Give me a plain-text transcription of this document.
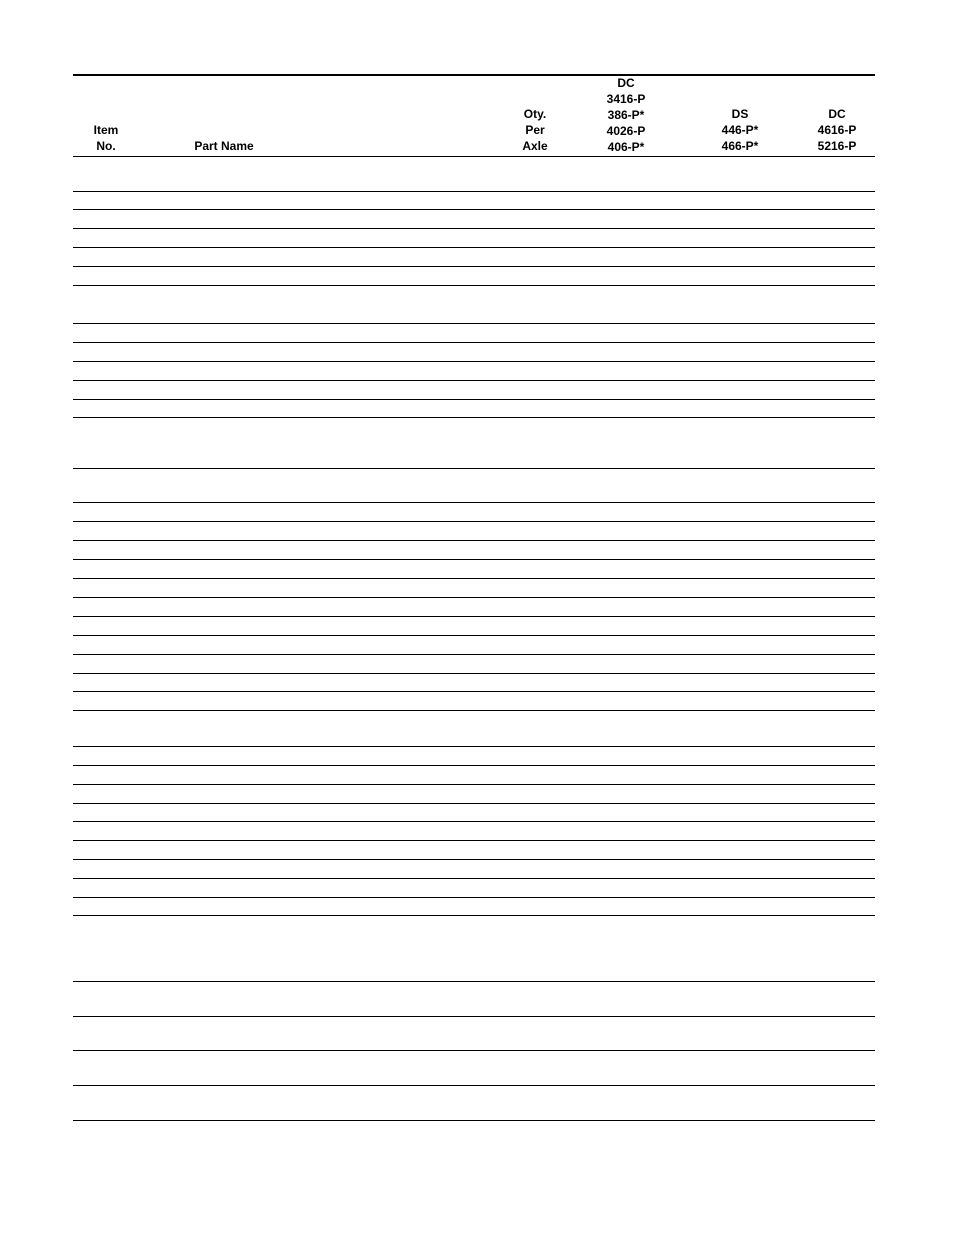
Item
No.	Part Name
Oty.
Per
Axle
DC
3416-P
386-P*
4026-P
406-P*
DS
446-P*
466-P*
DC
4616-P
5216-P
